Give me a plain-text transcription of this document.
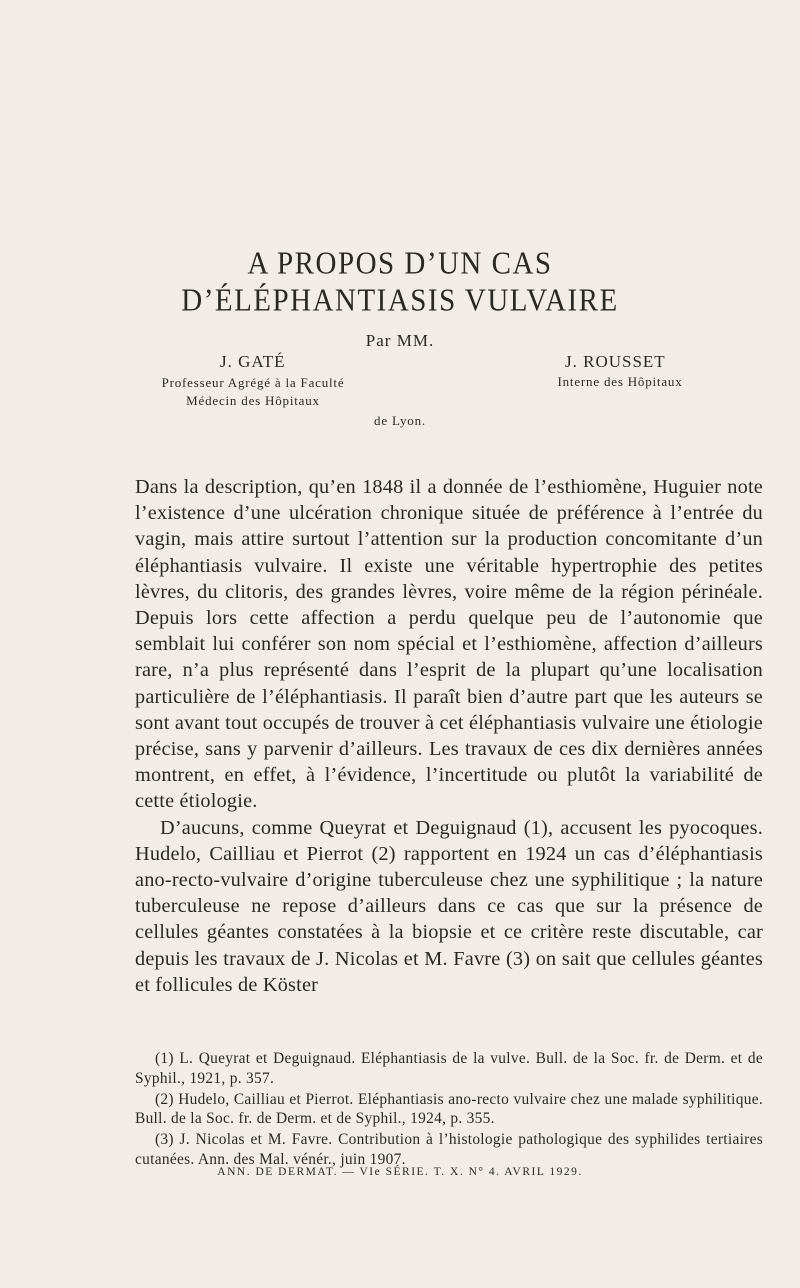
A PROPOS D’UN CAS
D’ÉLÉPHANTIASIS VULVAIRE
Par MM.
J. GATÉ	J. ROUSSET
Professeur Agrégé à la Faculté
Médecin des Hôpitaux
Interne des Hôpitaux
de Lyon.

Dans la description, qu’en 1848 il a donnée de l’esthiomène, Huguier note l’existence d’une ulcération chronique située de préférence à l’entrée du vagin, mais attire surtout l’attention sur la production concomitante d’un éléphantiasis vulvaire. Il existe une véritable hypertrophie des petites lèvres, du clitoris, des grandes lèvres, voire même de la région périnéale. Depuis lors cette affection a perdu quelque peu de l’autonomie que semblait lui conférer son nom spécial et l’esthiomène, affection d’ailleurs rare, n’a plus représenté dans l’esprit de la plupart qu’une localisation particulière de l’éléphantiasis. Il paraît bien d’autre part que les auteurs se sont avant tout occupés de trouver à cet éléphantiasis vulvaire une étiologie précise, sans y parvenir d’ailleurs. Les travaux de ces dix dernières années montrent, en effet, à l’évidence, l’incertitude ou plutôt la variabilité de cette étiologie.

D’aucuns, comme Queyrat et Deguignaud (1), accusent les pyocoques. Hudelo, Cailliau et Pierrot (2) rapportent en 1924 un cas d’éléphantiasis ano-recto-vulvaire d’origine tuberculeuse chez une syphilitique ; la nature tuberculeuse ne repose d’ailleurs dans ce cas que sur la présence de cellules géantes constatées à la biopsie et ce critère reste discutable, car depuis les travaux de J. Nicolas et M. Favre (3) on sait que cellules géantes et follicules de Köster

(1) L. Queyrat et Deguignaud. Eléphantiasis de la vulve. Bull. de la Soc. fr. de Derm. et de Syphil., 1921, p. 357.

(2) Hudelo, Cailliau et Pierrot. Eléphantiasis ano-recto vulvaire chez une malade syphilitique. Bull. de la Soc. fr. de Derm. et de Syphil., 1924, p. 355.

(3) J. Nicolas et M. Favre. Contribution à l’histologie pathologique des syphilides tertiaires cutanées. Ann. des Mal. vénér., juin 1907.

ANN. DE DERMAT. — VIe SÉRIE. T. X. N° 4. AVRIL 1929.
